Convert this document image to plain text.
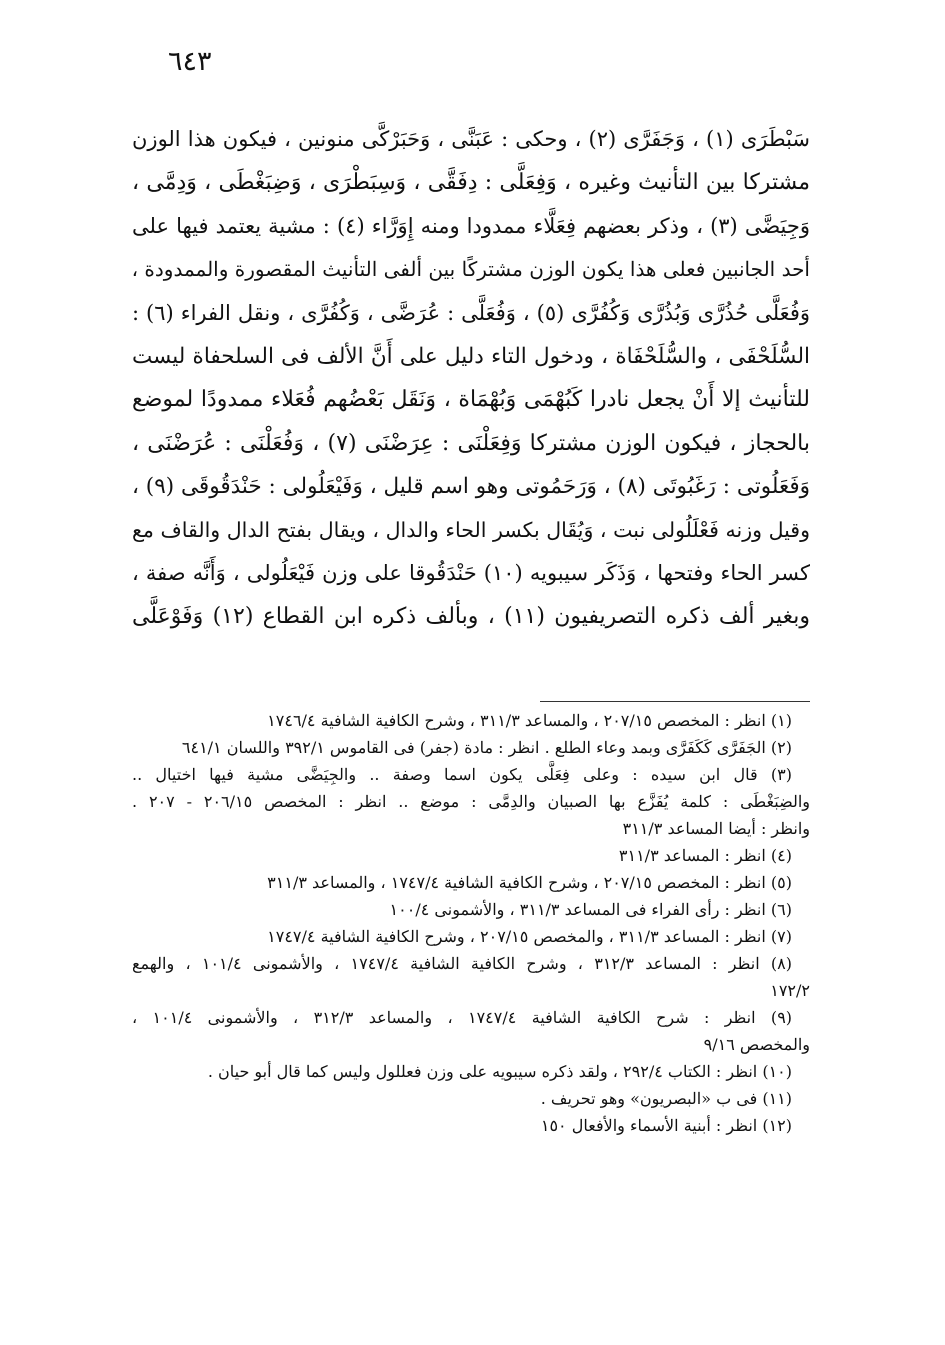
٦٤٣
سَبْطَرَى (١) ، وَجَفَرَّى (٢) ، وحكى : عَبَنَّى ، وَحَبَرْكَّى منونين ، فيكون هذا الوزن
مشتركا بين التأنيث وغيره ، وَفِعَلَّى : دِفَقَّى ، وَسِبَطْرَى ، وَضِبَغْطَى ، وَدِمَّى ،
وَجِيَضَّى (٣) ، وذكر بعضهم فِعَلَّاء ممدودا ومنه إِوَرَّاء (٤) : مشية يعتمد فيها على
أحد الجانبين فعلى هذا يكون الوزن مشتركًا بين ألفى التأنيث المقصورة والممدودة ،
وَفُعَلَّى حُذُرَّى وَبُذُرَّى وَكُفُرَّى (٥) ، وَفُعَلَّى : عُرَضَّى ، وَكُفُرَّى ، ونقل الفراء (٦) :
السُّلَحْفَى ، والسُّلَحْفَاة ، ودخول التاء دليل على أَنَّ الألف فى السلحفاة ليست
للتأنيث إلا أَنْ يجعل نادرا كَبُهْمَى وَبُهْمَاة ، وَنَقَل بَعْضُهم فُعَلاء ممدودًا لموضع
بالحجاز ، فيكون الوزن مشتركا وَفِعَلْنَى : عِرَضْنَى (٧) ، وَفُعَلْنَى : عُرَضْنَى ،
وَفَعَلُوتى : رَغَبُوتَى (٨) ، وَرَحَمُوتى وهو اسم قليل ، وَفَيْعَلُولى : حَنْدَقُوقَى (٩) ،
وقيل وزنه فَعْلَلُولى نبت ، وَيُقَال بكسر الحاء والدال ، ويقال بفتح الدال والقاف مع
كسر الحاء وفتحها ، وَذَكَر سيبويه (١٠) حَنْدَقُوقا على وزن فَيْعَلُولى ، وَأَنَّه صفة ،
وبغير ألف ذكره التصريفيون (١١) ، وبألف ذكره ابن القطاع (١٢) وَفَوْعَلَّى
(١) انظر : المخصص ٢٠٧/١٥ ، والمساعد ٣١١/٣ ، وشرح الكافية الشافية ١٧٤٦/٤
(٢) الجَفَرَّى كَكَفَرَّى وبمد وعاء الطلع . انظر : مادة (جفر) فى القاموس ٣٩٢/١ واللسان ٦٤١/١
(٣) قال ابن سيده : وعلى فِعَلَّى يكون اسما وصفة .. والجِيَضَّى مشية فيها اختيال ..
والضِبَغْطَى : كلمة يُفَزَّع بها الصبيان والدِمَّى : موضع .. انظر : المخصص ٢٠٦/١٥ - ٢٠٧ .
وانظر : أيضا المساعد ٣١١/٣
(٤) انظر : المساعد ٣١١/٣
(٥) انظر : المخصص ٢٠٧/١٥ ، وشرح الكافية الشافية ١٧٤٧/٤ ، والمساعد ٣١١/٣
(٦) انظر : رأى الفراء فى المساعد ٣١١/٣ ، والأشمونى ١٠٠/٤
(٧) انظر : المساعد ٣١١/٣ ، والمخصص ٢٠٧/١٥ ، وشرح الكافية الشافية ١٧٤٧/٤
(٨) انظر : المساعد ٣١٢/٣ ، وشرح الكافية الشافية ١٧٤٧/٤ ، والأشمونى ١٠١/٤ ، والهمع
١٧٢/٢
(٩) انظر : شرح الكافية الشافية ١٧٤٧/٤ ، والمساعد ٣١٢/٣ ، والأشمونى ١٠١/٤ ،
والمخصص ٩/١٦
(١٠) انظر : الكتاب ٢٩٢/٤ ، ولقد ذكره سيبويه على وزن فعللول وليس كما قال أبو حيان .
(١١) فى ب «البصريون» وهو تحريف .
(١٢) انظر : أبنية الأسماء والأفعال ١٥٠
